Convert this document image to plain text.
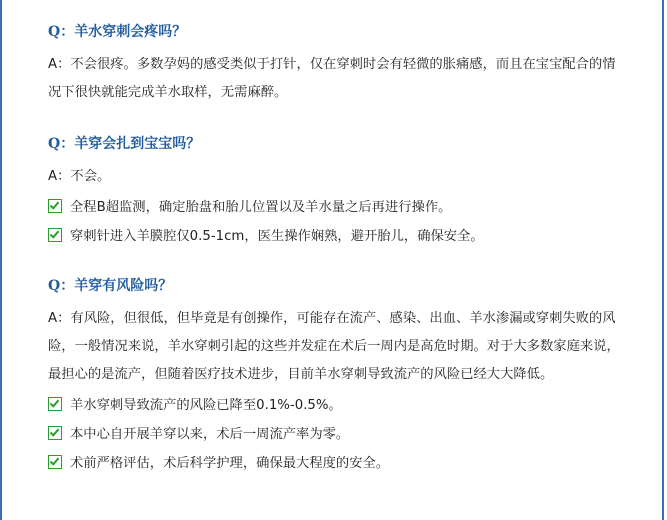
Q：羊水穿刺会疼吗？
A：不会很疼。多数孕妈的感受类似于打针，仅在穿刺时会有轻微的胀痛感，而且在宝宝配合的情况下很快就能完成羊水取样，无需麻醉。
Q：羊穿会扎到宝宝吗？
A：不会。
全程B超监测，确定胎盘和胎儿位置以及羊水量之后再进行操作。
穿刺针进入羊膜腔仅0.5-1cm，医生操作娴熟，避开胎儿，确保安全。
Q：羊穿有风险吗？
A：有风险，但很低，但毕竟是有创操作，可能存在流产、感染、出血、羊水渗漏或穿刺失败的风险，一般情况来说，羊水穿刺引起的这些并发症在术后一周内是高危时期。对于大多数家庭来说，最担心的是流产，但随着医疗技术进步，目前羊水穿刺导致流产的风险已经大大降低。
羊水穿刺导致流产的风险已降至0.1%-0.5%。
本中心自开展羊穿以来，术后一周流产率为零。
术前严格评估，术后科学护理，确保最大程度的安全。
